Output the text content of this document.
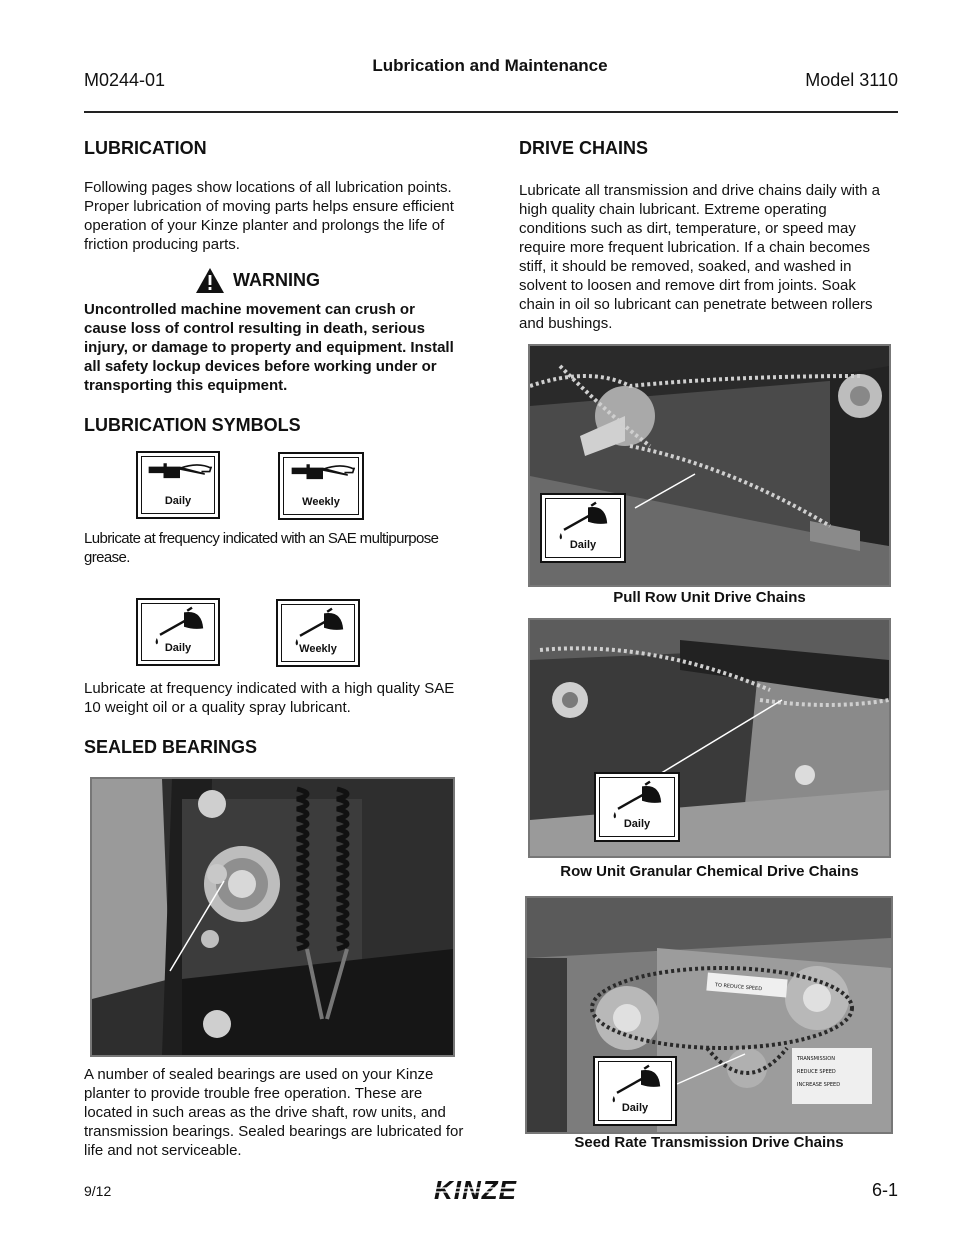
Lubrication and Maintenance
M0244-01	Model 3110
LUBRICATION

Following pages show locations of all lubrication points. Proper lubrication of moving parts helps ensure efficient operation of your Kinze planter and prolongs the life of friction producing parts.

WARNING

Uncontrolled machine movement can crush or cause loss of control resulting in death, serious injury, or damage to property and equipment. Install all safety lockup devices before working under or transporting this equipment.

LUBRICATION SYMBOLS
Daily	Weekly

Lubricate at frequency indicated with an SAE multipurpose grease.

Daily	Weekly

Lubricate at frequency indicated with a high quality SAE 10 weight oil or a quality spray lubricant.

SEALED BEARINGS

A number of sealed bearings are used on your Kinze planter to provide trouble free operation. These are located in such areas as the drive shaft, row units, and transmission bearings. Sealed bearings are lubricated for life and not serviceable.

DRIVE CHAINS

Lubricate all transmission and drive chains daily with a high quality chain lubricant. Extreme operating conditions such as dirt, temperature, or speed may require more frequent lubrication. If a chain becomes stiff, it should be removed, soaked, and washed in solvent to loosen and remove dirt from joints. Soak chain in oil so lubricant can penetrate between rollers and bushings.

Daily
Pull Row Unit Drive Chains
Daily
Row Unit Granular Chemical Drive Chains
TO REDUCE SPEED
TRANSMISSION
REDUCE SPEED
INCREASE SPEED
Daily
Seed Rate Transmission Drive Chains
9/12	KINZE	6-1
